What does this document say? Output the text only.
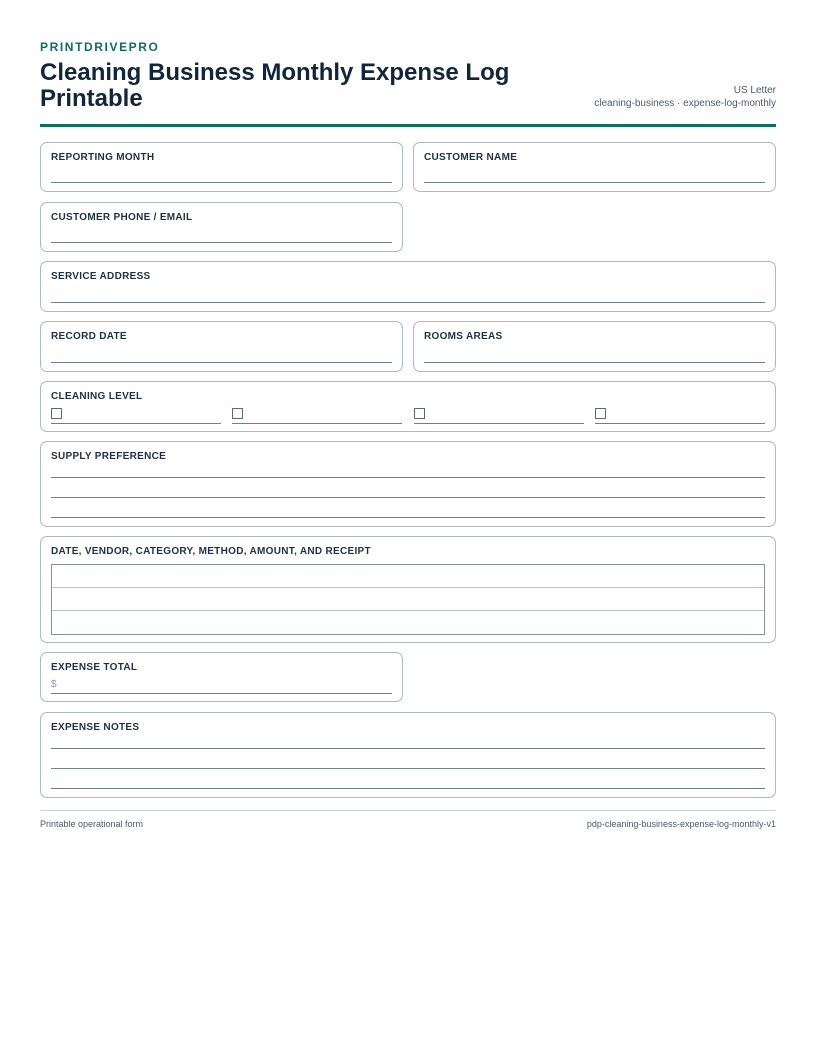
PRINTDRIVEPRO

Cleaning Business Monthly Expense Log Printable	US Letter
cleaning-business · expense-log-monthly
REPORTING MONTH	CUSTOMER NAME
CUSTOMER PHONE / EMAIL
SERVICE ADDRESS
RECORD DATE	ROOMS AREAS
CLEANING LEVEL
SUPPLY PREFERENCE
DATE, VENDOR, CATEGORY, METHOD, AMOUNT, AND RECEIPT
EXPENSE TOTAL
$
EXPENSE NOTES
Printable operational form	pdp-cleaning-business-expense-log-monthly-v1
